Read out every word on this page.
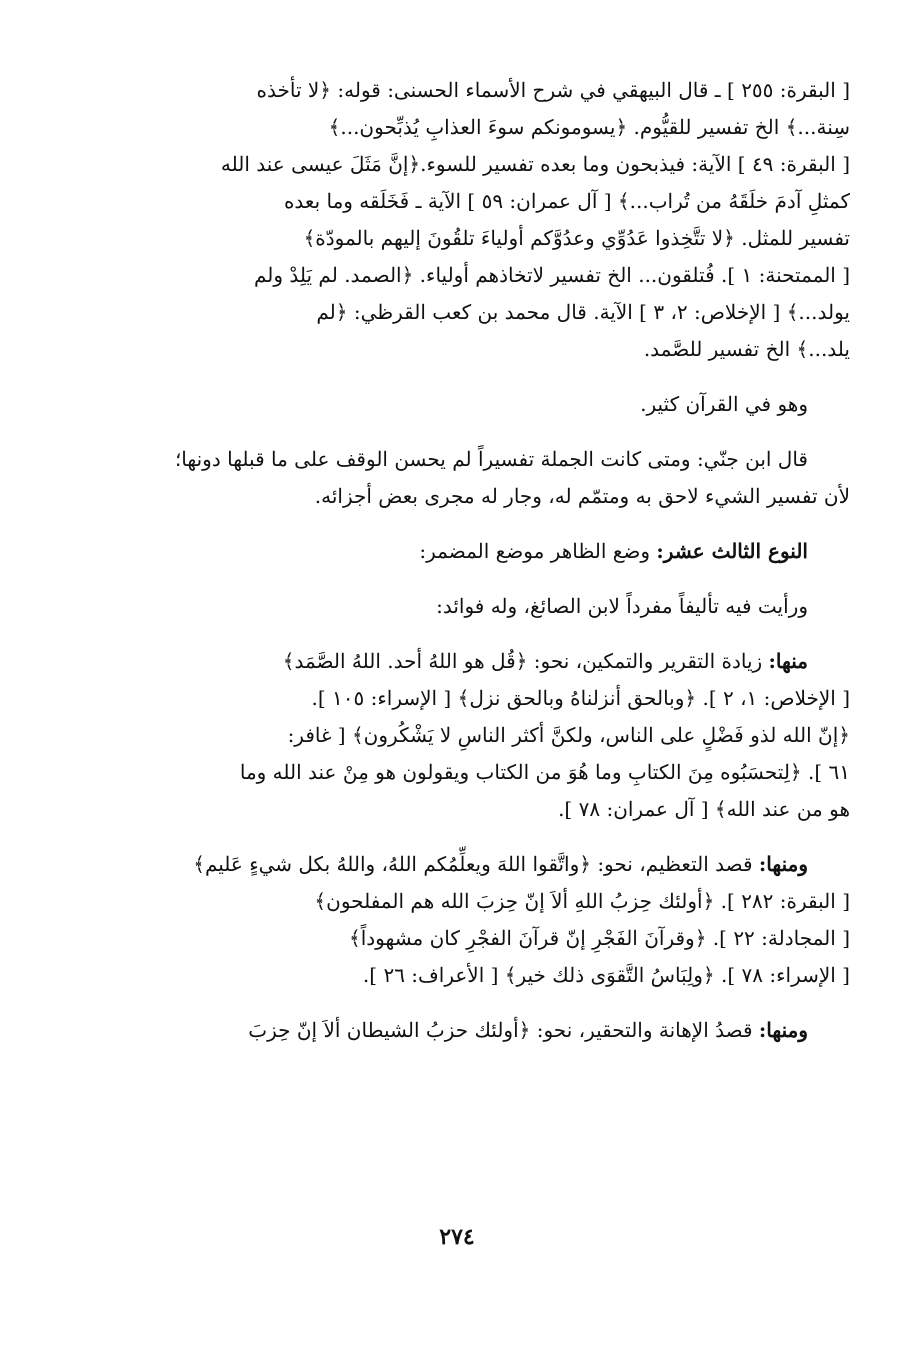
[ البقرة: ٢٥٥ ] ـ قال البيهقي في شرح الأسماء الحسنى: قوله: ﴿لا تأخذه
سِنة...﴾ الخ تفسير للقيُّوم. ﴿يسومونكم سوءَ العذابِ يُذبِّحون...﴾
[ البقرة: ٤٩ ] الآية: فيذبحون وما بعده تفسير للسوء.﴿إنَّ مَثَلَ عيسى عند الله
كمثلِ آدمَ خلَقَهُ من تُراب...﴾ [ آل عمران: ٥٩ ] الآية ـ فَخَلَقه وما بعده
تفسير للمثل. ﴿لا تتَّخِذوا عَدُوِّي وعدُوَّكم أولياءَ تلقُونَ إليهم بالمودّة﴾
[ الممتحنة: ١ ]. فُتلقون... الخ تفسير لاتخاذهم أولياء. ﴿الصمد. لم يَلِدْ ولم
يولد...﴾ [ الإخلاص: ٢، ٣ ] الآية. قال محمد بن كعب القرظي: ﴿لم
يلد...﴾ الخ تفسير للصَّمد.
وهو في القرآن كثير.
قال ابن جنّي: ومتى كانت الجملة تفسيراً لم يحسن الوقف على ما قبلها دونها؛
لأن تفسير الشيء لاحق به ومتمّم له، وجار له مجرى بعض أجزائه.
النوع الثالث عشر: وضع الظاهر موضع المضمر:
ورأيت فيه تأليفاً مفرداً لابن الصائغ، وله فوائد:
منها: زيادة التقرير والتمكين، نحو: ﴿قُل هو اللهُ أحد. اللهُ الصَّمَد﴾
[ الإخلاص: ١، ٢ ]. ﴿وبالحق أنزلناهُ وبالحق نزل﴾ [ الإسراء: ١٠٥ ].
﴿إنّ الله لذو فَضْلٍ على الناس، ولكنَّ أكثر الناسِ لا يَشْكُرون﴾ [ غافر:
٦١ ]. ﴿لِتحسَبُوه مِنَ الكتابِ وما هُوَ من الكتاب ويقولون هو مِنْ عند الله وما
هو من عند الله﴾ [ آل عمران: ٧٨ ].
ومنها: قصد التعظيم، نحو: ﴿واتَّقوا اللهَ ويعلِّمُكم اللهُ، واللهُ بكل شيءٍ عَليم﴾
[ البقرة: ٢٨٢ ]. ﴿أولئك حِزبُ اللهِ ألاَ إنّ حِزبَ الله هم المفلحون﴾
[ المجادلة: ٢٢ ]. ﴿وقرآنَ الفَجْرِ إنّ قرآنَ الفجْرِ كان مشهوداً﴾
[ الإسراء: ٧٨ ]. ﴿ولِبَاسُ التَّقوَى ذلك خير﴾ [ الأعراف: ٢٦ ].
ومنها: قصدُ الإهانة والتحقير، نحو: ﴿أولئك حزبُ الشيطان ألاَ إنّ حِزبَ
٢٧٤
